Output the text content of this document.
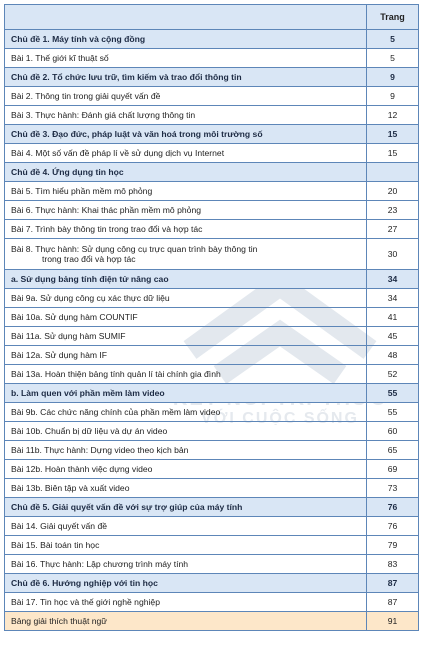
VỚI CUỘC SỐNG
	Trang
Chủ đề 1. Máy tính và cộng đồng	5
Bài 1. Thế giới kĩ thuật số	5
Chủ đề 2. Tổ chức lưu trữ, tìm kiếm và trao đổi thông tin	9
Bài 2. Thông tin trong giải quyết vấn đề	9
Bài 3. Thực hành: Đánh giá chất lượng thông tin	12
Chủ đề 3. Đạo đức, pháp luật và văn hoá trong môi trường số	15
Bài 4. Một số vấn đề pháp lí về sử dụng dịch vụ Internet	15
Chủ đề 4. Ứng dụng tin học	
Bài 5. Tìm hiểu phần mềm mô phỏng	20
Bài 6. Thực hành: Khai thác phần mềm mô phỏng	23
Bài 7. Trình bày thông tin trong trao đổi và hợp tác	27
Bài 8. Thực hành: Sử dụng công cụ trực quan trình bày thông tin
trong trao đổi và hợp tác	30
a. Sử dụng bảng tính điện tử nâng cao	34
Bài 9a. Sử dụng công cụ xác thực dữ liệu	34
Bài 10a. Sử dụng hàm COUNTIF	41
Bài 11a. Sử dụng hàm SUMIF	45
Bài 12a. Sử dụng hàm IF	48
Bài 13a. Hoàn thiện bảng tính quản lí tài chính gia đình	52
b. Làm quen với phần mềm làm video	55
Bài 9b. Các chức năng chính của phần mềm làm video	55
Bài 10b. Chuẩn bị dữ liệu và dự án video	60
Bài 11b. Thực hành: Dựng video theo kịch bản	65
Bài 12b. Hoàn thành việc dựng video	69
Bài 13b. Biên tập và xuất video	73
Chủ đề 5. Giải quyết vấn đề với sự trợ giúp của máy tính	76
Bài 14. Giải quyết vấn đề	76
Bài 15. Bài toán tin học	79
Bài 16. Thực hành: Lập chương trình máy tính	83
Chủ đề 6. Hướng nghiệp với tin học	87
Bài 17. Tin học và thế giới nghề nghiệp	87
Bảng giải thích thuật ngữ	91
